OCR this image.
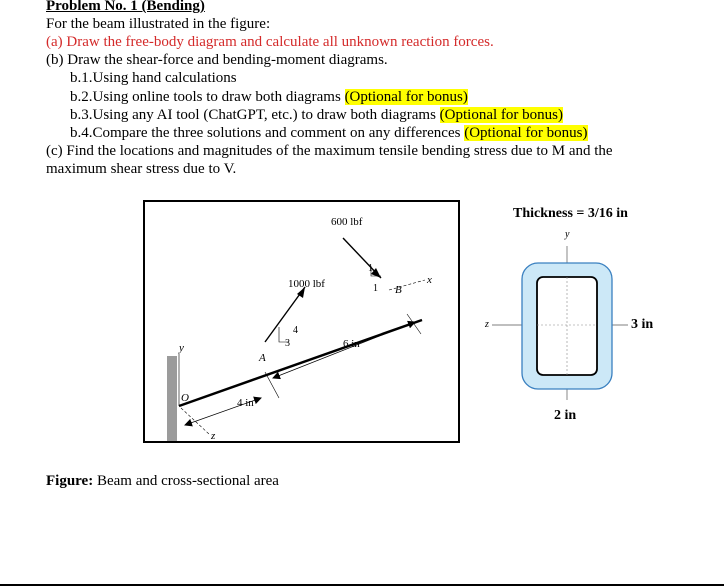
Problem No. 1 (Bending)
For the beam illustrated in the figure:
(a) Draw the free-body diagram and calculate all unknown reaction forces.
(b) Draw the shear-force and bending-moment diagrams.
b.1.Using hand calculations
b.2.Using online tools to draw both diagrams (Optional for bonus)
b.3.Using any AI tool (ChatGPT, etc.) to draw both diagrams (Optional for bonus)
b.4.Compare the three solutions and comment on any differences (Optional for bonus)
(c) Find the locations and magnitudes of the maximum tensile bending stress due to M and the
maximum shear stress due to V.
600 lbf
1000 lbf
1
1 B
x
4
3
A
6 in
y
O	4 in
z
Figure: Beam and cross-sectional area
Thickness = 3/16 in
y
z	3 in
2 in
